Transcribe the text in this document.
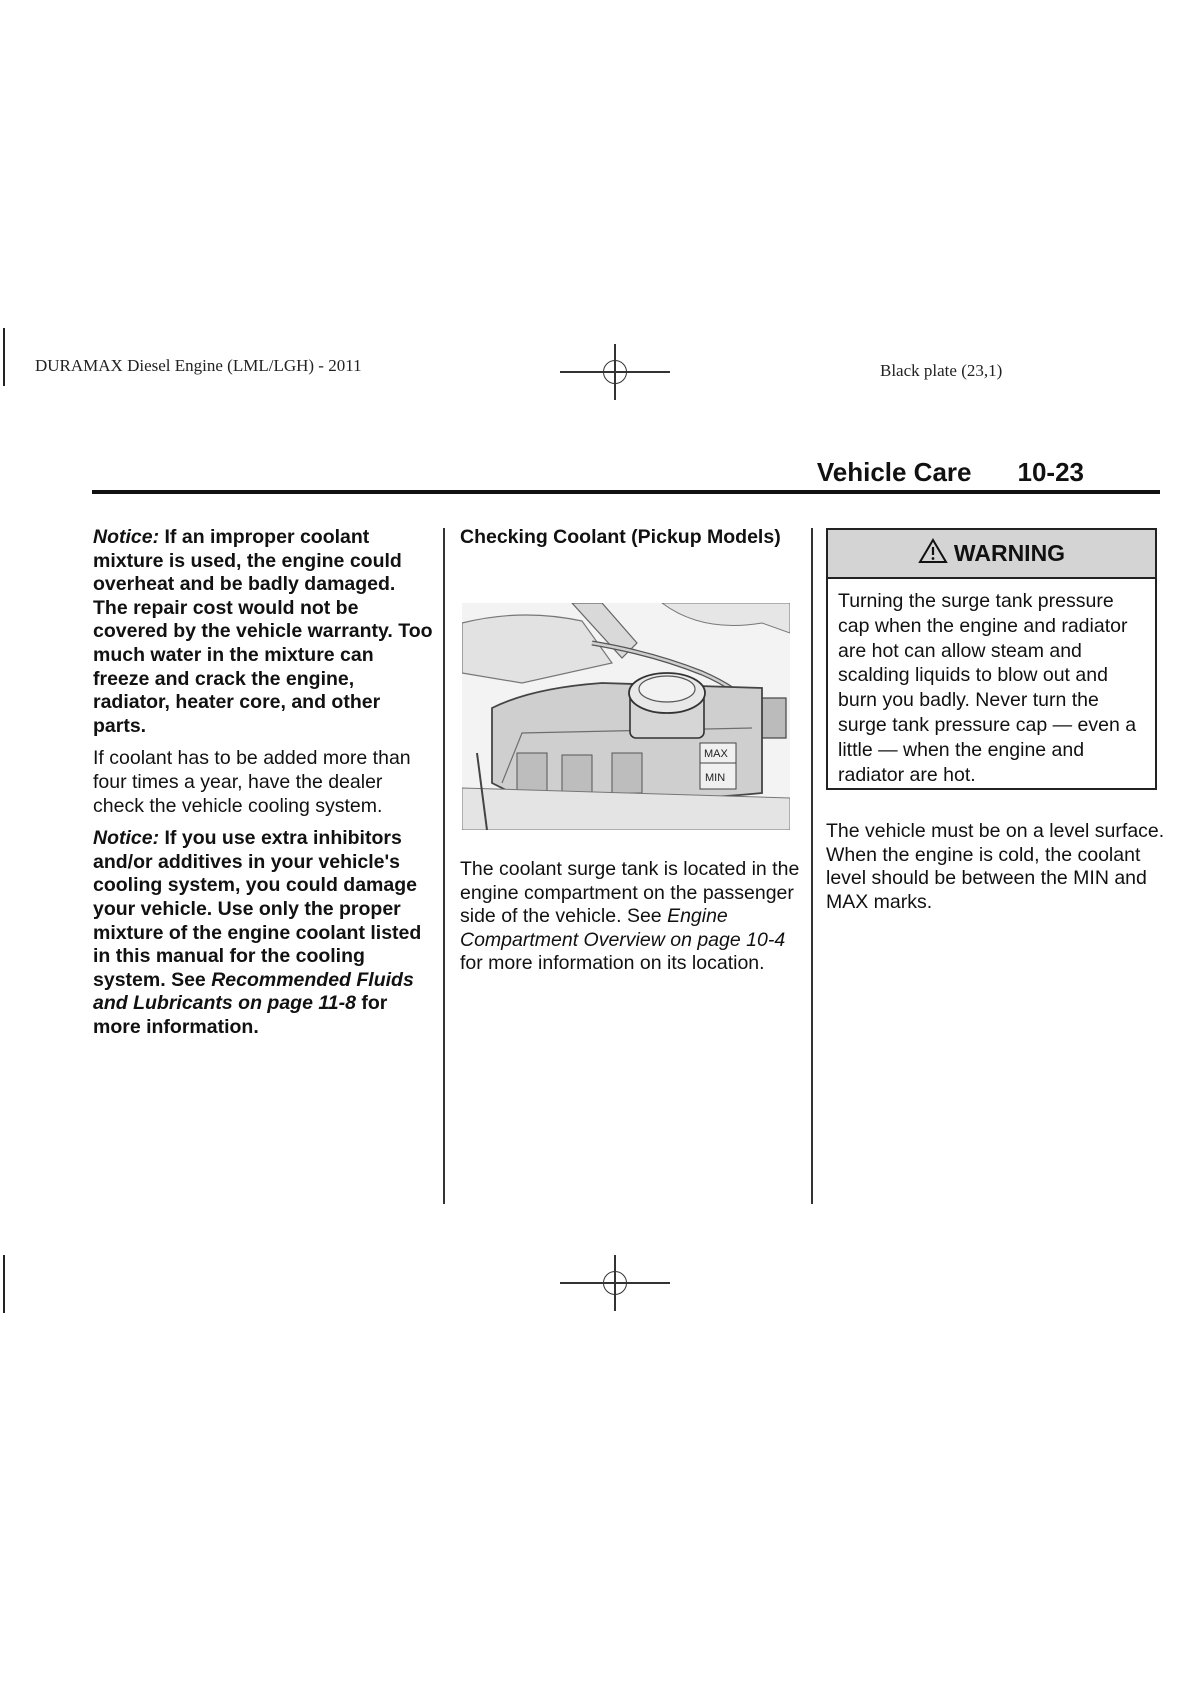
DURAMAX Diesel Engine (LML/LGH) - 2011	Black plate (23,1)
Vehicle Care 10-23

Notice: If an improper coolant mixture is used, the engine could overheat and be badly damaged. The repair cost would not be covered by the vehicle warranty. Too much water in the mixture can freeze and crack the engine, radiator, heater core, and other parts.

If coolant has to be added more than four times a year, have the dealer check the vehicle cooling system.

Notice: If you use extra inhibitors and/or additives in your vehicle's cooling system, you could damage your vehicle. Use only the proper mixture of the engine coolant listed in this manual for the cooling system. See Recommended Fluids and Lubricants on page 11-8 for more information.

Checking Coolant (Pickup Models)
MAX
MIN

The coolant surge tank is located in the engine compartment on the passenger side of the vehicle. See Engine Compartment Overview on page 10-4 for more information on its location.

WARNING
Turning the surge tank pressure cap when the engine and radiator are hot can allow steam and scalding liquids to blow out and burn you badly. Never turn the surge tank pressure cap — even a little — when the engine and radiator are hot.

The vehicle must be on a level surface. When the engine is cold, the coolant level should be between the MIN and MAX marks.
